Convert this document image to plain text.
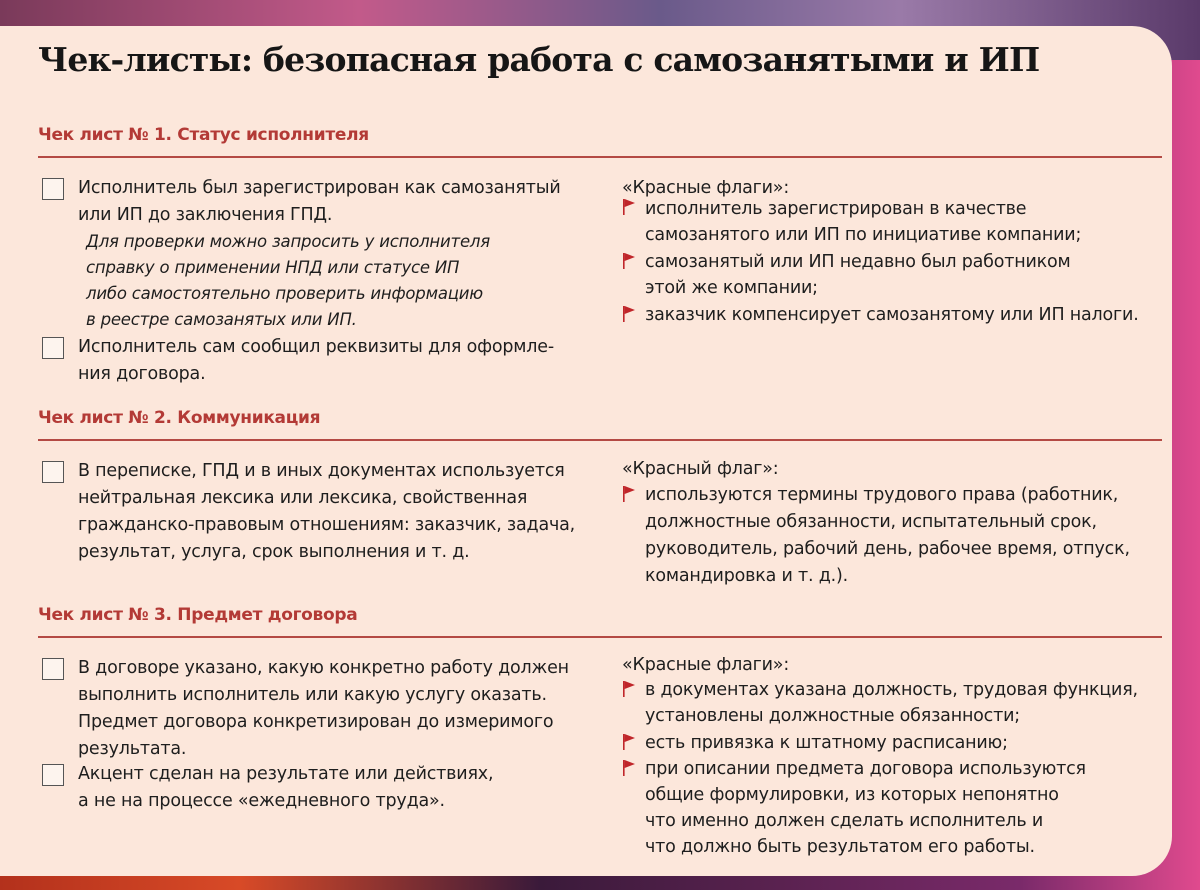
Чек-листы: безопасная работа с самозанятыми и ИП
Чек лист № 1. Статус исполнителя
Исполнитель был зарегистрирован как самозанятый
или ИП до заключения ГПД.
Для проверки можно запросить у исполнителя
справку о применении НПД или статусе ИП
либо самостоятельно проверить информацию
в реестре самозанятых или ИП.
Исполнитель сам сообщил реквизиты для оформле-
ния договора.
«Красные флаги»:
исполнитель зарегистрирован в качестве
самозанятого или ИП по инициативе компании;
самозанятый или ИП недавно был работником
этой же компании;
заказчик компенсирует самозанятому или ИП налоги.
Чек лист № 2. Коммуникация
В переписке, ГПД и в иных документах используется
нейтральная лексика или лексика, свойственная
гражданско-правовым отношениям: заказчик, задача,
результат, услуга, срок выполнения и т. д.
«Красный флаг»:
используются термины трудового права (работник,
должностные обязанности, испытательный срок,
руководитель, рабочий день, рабочее время, отпуск,
командировка и т. д.).
Чек лист № 3. Предмет договора
В договоре указано, какую конкретно работу должен
выполнить исполнитель или какую услугу оказать.
Предмет договора конкретизирован до измеримого
результата.
Акцент сделан на результате или действиях,
а не на процессе «ежедневного труда».
«Красные флаги»:
в документах указана должность, трудовая функция,
установлены должностные обязанности;
есть привязка к штатному расписанию;
при описании предмета договора используются
общие формулировки, из которых непонятно
что именно должен сделать исполнитель и
что должно быть результатом его работы.
